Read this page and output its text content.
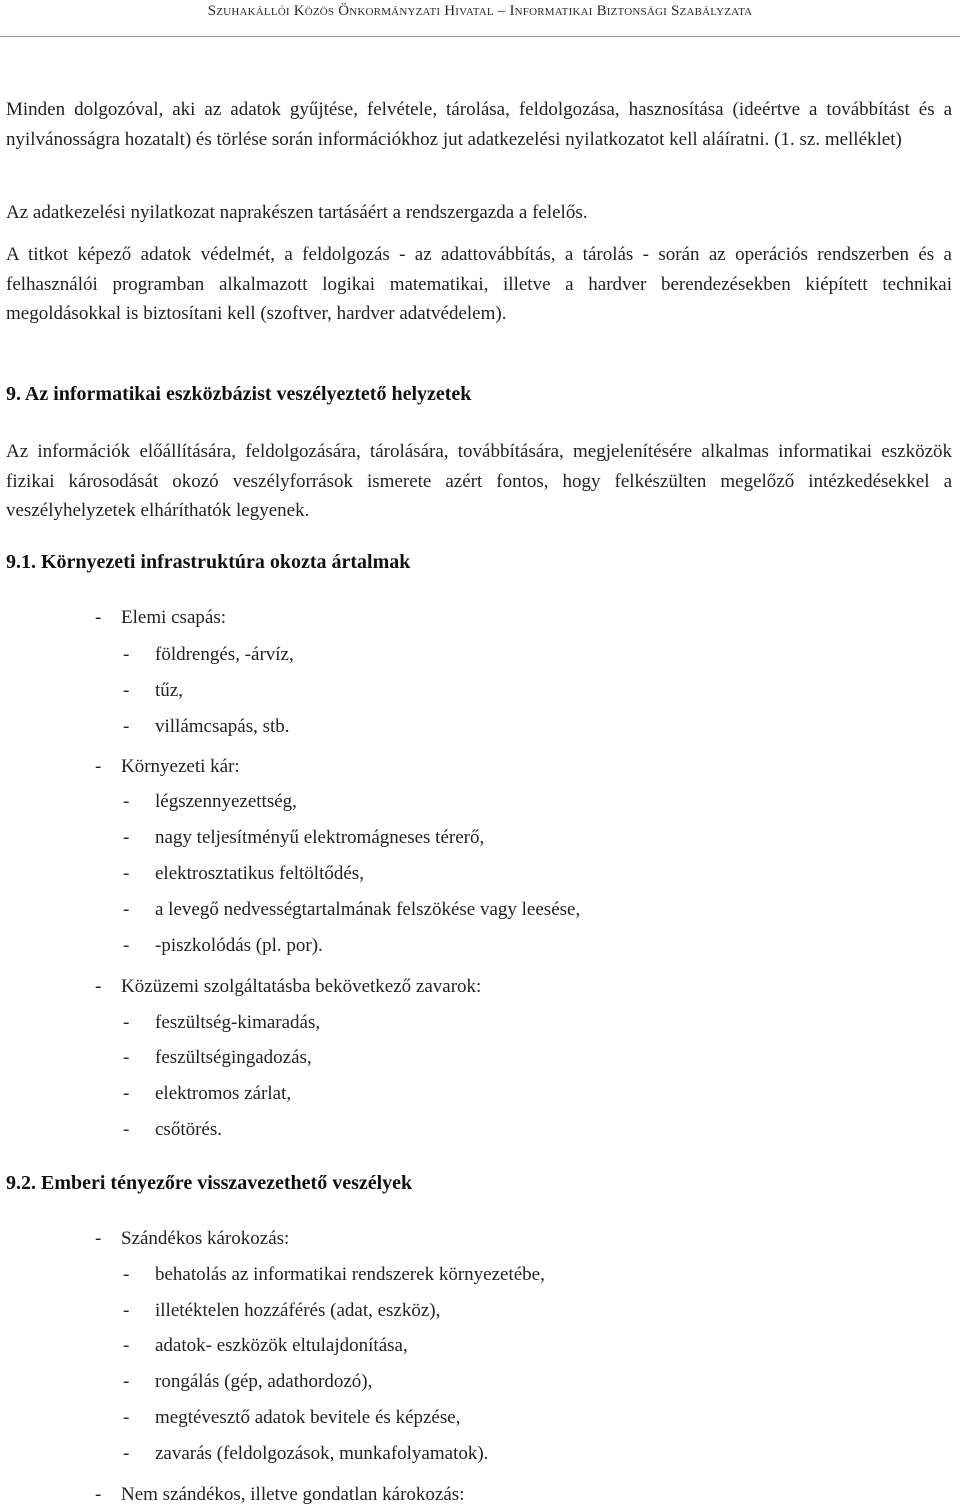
Szuhakállói Közös Önkormányzati Hivatal – Informatikai Biztonsági Szabályzata
Minden dolgozóval, aki az adatok gyűjtése, felvétele, tárolása, feldolgozása, hasznosítása (ideértve a továbbítást és a nyilvánosságra hozatalt) és törlése során információkhoz jut adatkezelési nyilatkozatot kell aláíratni. (1. sz. melléklet)
Az adatkezelési nyilatkozat naprakészen tartásáért a rendszergazda a felelős.
A titkot képező adatok védelmét, a feldolgozás - az adattovábbítás, a tárolás - során az operációs rendszerben és a felhasználói programban alkalmazott logikai matematikai, illetve a hardver berendezésekben kiépített technikai megoldásokkal is biztosítani kell (szoftver, hardver adatvédelem).
9. Az informatikai eszközbázist veszélyeztető helyzetek
Az információk előállítására, feldolgozására, tárolására, továbbítására, megjelenítésére alkalmas informatikai eszközök fizikai károsodását okozó veszélyforrások ismerete azért fontos, hogy felkészülten megelőző intézkedésekkel a veszélyhelyzetek elháríthatók legyenek.
9.1. Környezeti infrastruktúra okozta ártalmak
- Elemi csapás:
- földrengés, -árvíz,
- tűz,
- villámcsapás, stb.
- Környezeti kár:
- légszennyezettség,
- nagy teljesítményű elektromágneses térerő,
- elektrosztatikus feltöltődés,
- a levegő nedvességtartalmának felszökése vagy leesése,
- -piszkolódás (pl. por).
- Közüzemi szolgáltatásba bekövetkező zavarok:
- feszültség-kimaradás,
- feszültségingadozás,
- elektromos zárlat,
- csőtörés.
9.2. Emberi tényezőre visszavezethető veszélyek
- Szándékos károkozás:
- behatolás az informatikai rendszerek környezetébe,
- illetéktelen hozzáférés (adat, eszköz),
- adatok- eszközök eltulajdonítása,
- rongálás (gép, adathordozó),
- megtévesztő adatok bevitele és képzése,
- zavarás (feldolgozások, munkafolyamatok).
- Nem szándékos, illetve gondatlan károkozás:
